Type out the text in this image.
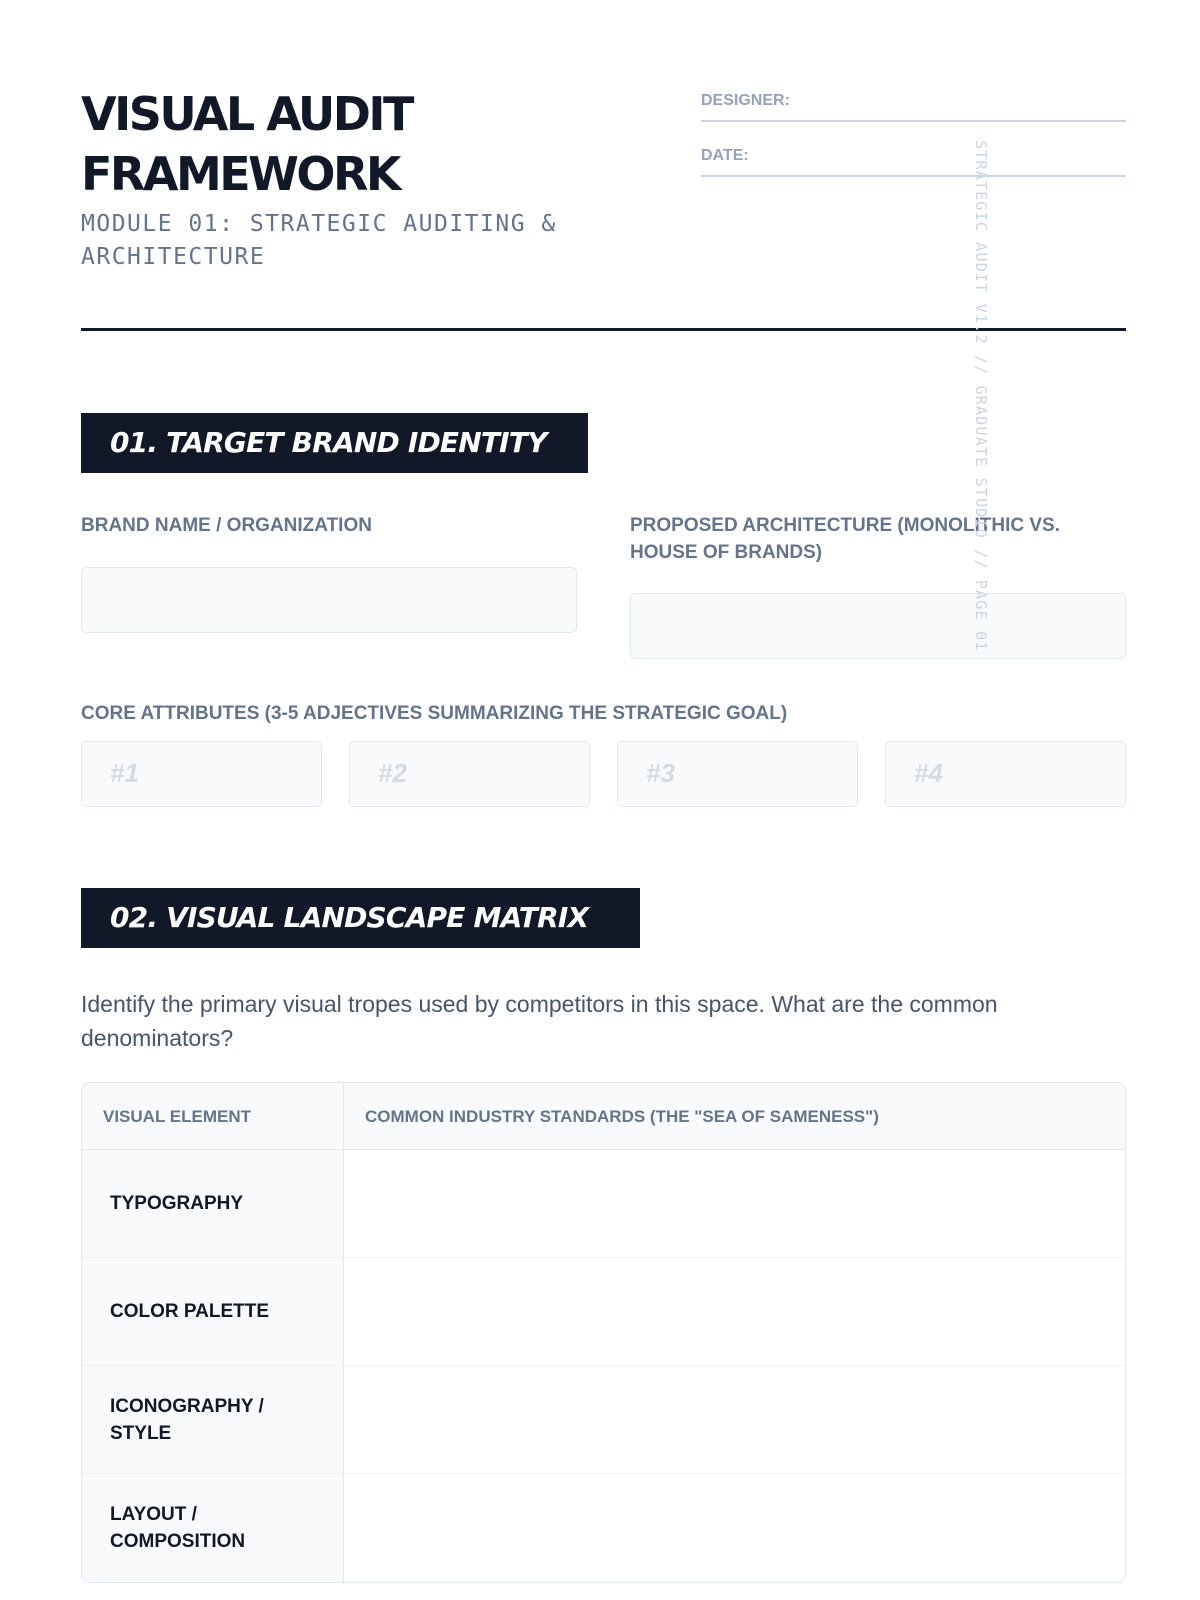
VISUAL AUDIT
FRAMEWORK
MODULE 01: STRATEGIC AUDITING & ARCHITECTURE
DESIGNER:
DATE:
01. TARGET BRAND IDENTITY
BRAND NAME / ORGANIZATION	PROPOSED ARCHITECTURE (MONOLITHIC VS. HOUSE OF BRANDS)
CORE ATTRIBUTES (3-5 ADJECTIVES SUMMARIZING THE STRATEGIC GOAL)
#1	#2	#3	#4
02. VISUAL LANDSCAPE MATRIX
Identify the primary visual tropes used by competitors in this space. What are the common denominators?
VISUAL ELEMENT	COMMON INDUSTRY STANDARDS (THE "SEA OF SAMENESS")
TYPOGRAPHY
COLOR PALETTE
ICONOGRAPHY / STYLE
LAYOUT / COMPOSITION
STRATEGIC AUDIT V1.2 // GRADUATE STUDIO // PAGE 01
